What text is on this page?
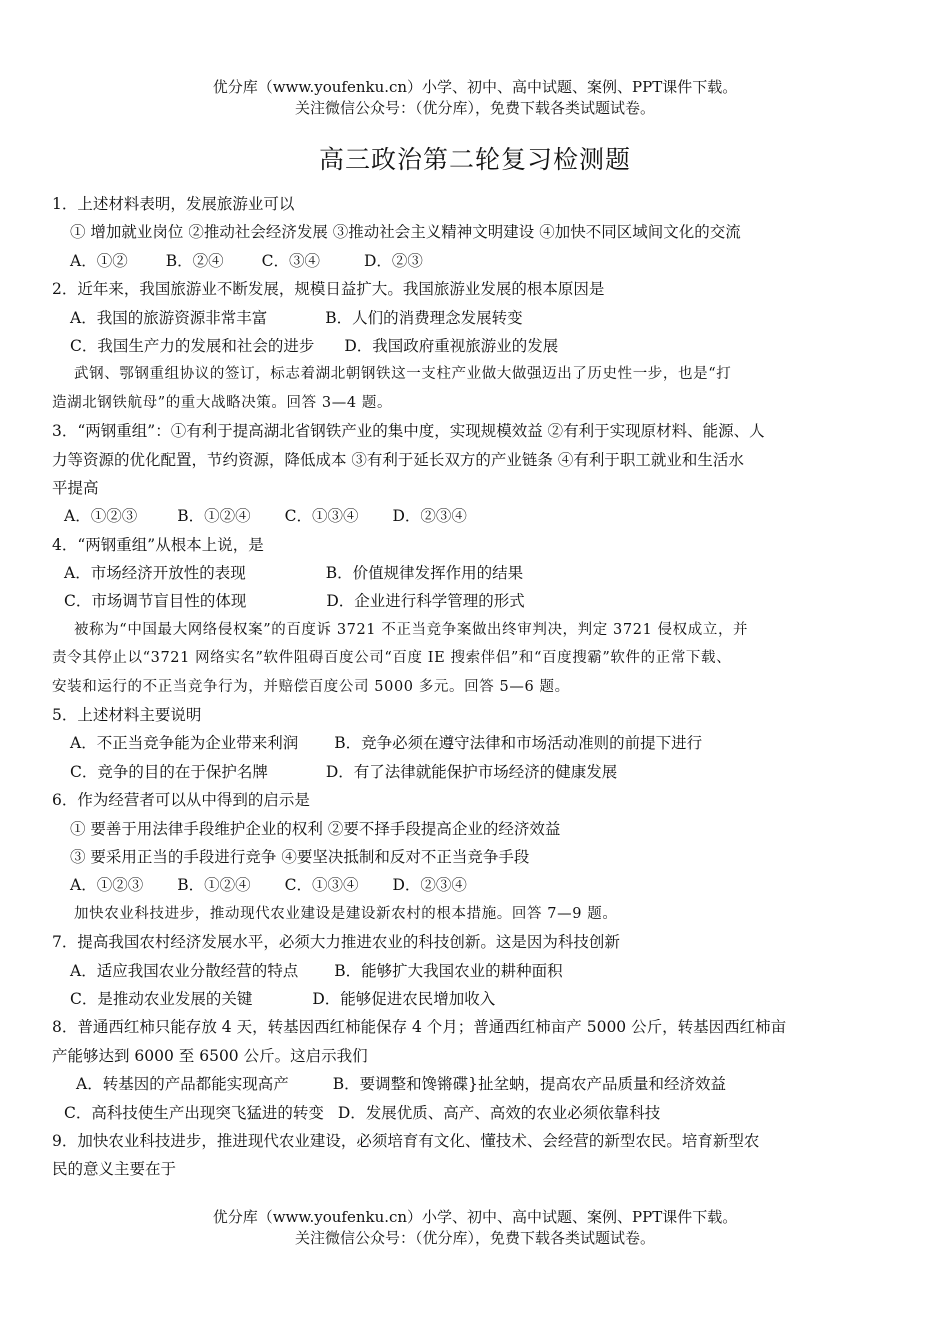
优分库（www.youfenku.cn）小学、初中、高中试题、案例、PPT课件下载。
关注微信公众号：（优分库），免费下载各类试题试卷。
高三政治第二轮复习检测题
1．上述材料表明，发展旅游业可以
① 增加就业岗位 ②推动社会经济发展 ③推动社会主义精神文明建设 ④加快不同区域间文化的交流
A．①② B．②④ C．③④	D．②③
2．近年来，我国旅游业不断发展，规模日益扩大。我国旅游业发展的根本原因是
A．我国的旅游资源非常丰富	B．人们的消费理念发展转变
C．我国生产力的发展和社会的进步 D．我国政府重视旅游业的发展
武钢、鄂钢重组协议的签订，标志着湖北朝钢铁这一支柱产业做大做强迈出了历史性一步，也是“打
造湖北钢铁航母”的重大战略决策。回答 3—4 题。
3．“两钢重组”：①有利于提高湖北省钢铁产业的集中度，实现规模效益 ②有利于实现原材料、能源、人
力等资源的优化配置，节约资源，降低成本 ③有利于延长双方的产业链条 ④有利于职工就业和生活水
平提高
A．①②③	B．①②④ C．①③④ D．②③④
4．“两钢重组”从根本上说，是
A．市场经济开放性的表现	B．价值规律发挥作用的结果
C．市场调节盲目性的体现	D．企业进行科学管理的形式
被称为“中国最大网络侵权案”的百度诉 3721 不正当竞争案做出终审判决，判定 3721 侵权成立，并
责令其停止以“3721 网络实名”软件阻碍百度公司“百度 IE 搜索伴侣”和“百度搜霸”软件的正常下载、
安装和运行的不正当竞争行为，并赔偿百度公司 5000 多元。回答 5—6 题。
5．上述材料主要说明
A．不正当竞争能为企业带来利润 B．竞争必须在遵守法律和市场活动准则的前提下进行
C．竞争的目的在于保护名牌	D．有了法律就能保护市场经济的健康发展
6．作为经营者可以从中得到的启示是
① 要善于用法律手段维护企业的权利 ②要不择手段提高企业的经济效益
③ 要采用正当的手段进行竞争 ④要坚决抵制和反对不正当竞争手段
A．①②③ B．①②④ C．①③④ D．②③④
加快农业科技进步，推动现代农业建设是建设新农村的根本措施。回答 7—9 题。
7．提高我国农村经济发展水平，必须大力推进农业的科技创新。这是因为科技创新
A．适应我国农业分散经营的特点 B．能够扩大我国农业的耕种面积
C．是推动农业发展的关键	D．能够促进农民增加收入
8．普通西红柿只能存放 4 天，转基因西红柿能保存 4 个月；普通西红柿亩产 5000 公斤，转基因西红柿亩
产能够达到 6000 至 6500 公斤。这启示我们
A．转基因的产品都能实现高产	B．要调整和馋锵碟}扯坌蚋，提高农产品质量和经济效益
C．高科技使生产出现突飞猛进的转变 D．发展优质、高产、高效的农业必须依靠科技
9．加快农业科技进步，推进现代农业建设，必须培育有文化、懂技术、会经营的新型农民。培育新型农
民的意义主要在于
优分库（www.youfenku.cn）小学、初中、高中试题、案例、PPT课件下载。
关注微信公众号：（优分库），免费下载各类试题试卷。
